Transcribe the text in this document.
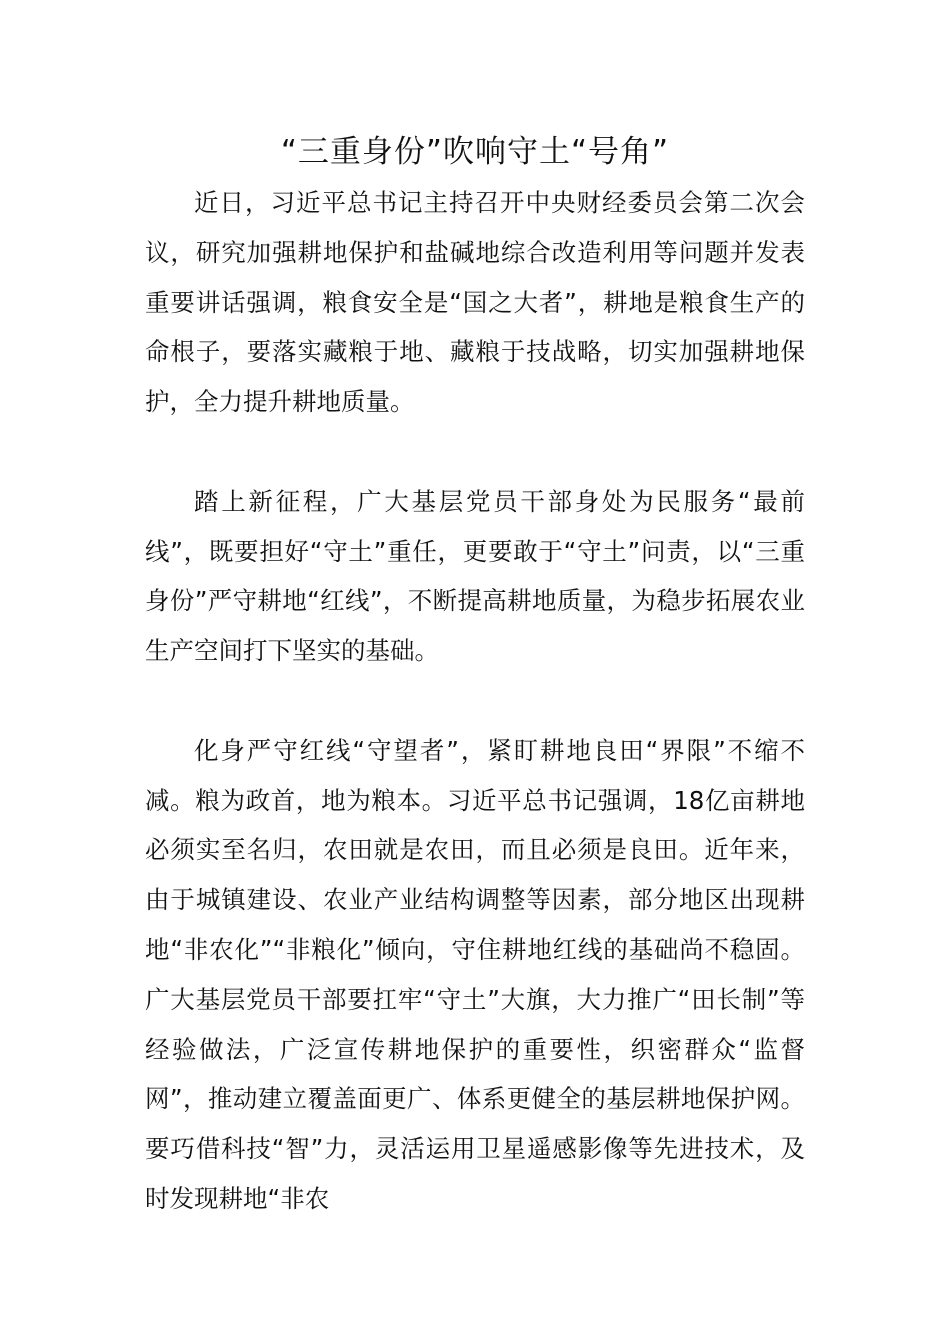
“三重身份”吹响守土“号角”

近日，习近平总书记主持召开中央财经委员会第二次会议，研究加强耕地保护和盐碱地综合改造利用等问题并发表重要讲话强调，粮食安全是“国之大者”，耕地是粮食生产的命根子，要落实藏粮于地、藏粮于技战略，切实加强耕地保护，全力提升耕地质量。

踏上新征程，广大基层党员干部身处为民服务“最前线”，既要担好“守土”重任，更要敢于“守土”问责，以“三重身份”严守耕地“红线”，不断提高耕地质量，为稳步拓展农业生产空间打下坚实的基础。

化身严守红线“守望者”，紧盯耕地良田“界限”不缩不减。粮为政首，地为粮本。习近平总书记强调，18亿亩耕地必须实至名归，农田就是农田，而且必须是良田。近年来，由于城镇建设、农业产业结构调整等因素，部分地区出现耕地“非农化”“非粮化”倾向，守住耕地红线的基础尚不稳固。广大基层党员干部要扛牢“守土”大旗，大力推广“田长制”等经验做法，广泛宣传耕地保护的重要性，织密群众“监督网”，推动建立覆盖面更广、体系更健全的基层耕地保护网。要巧借科技“智”力，灵活运用卫星遥感影像等先进技术，及时发现耕地“非农
